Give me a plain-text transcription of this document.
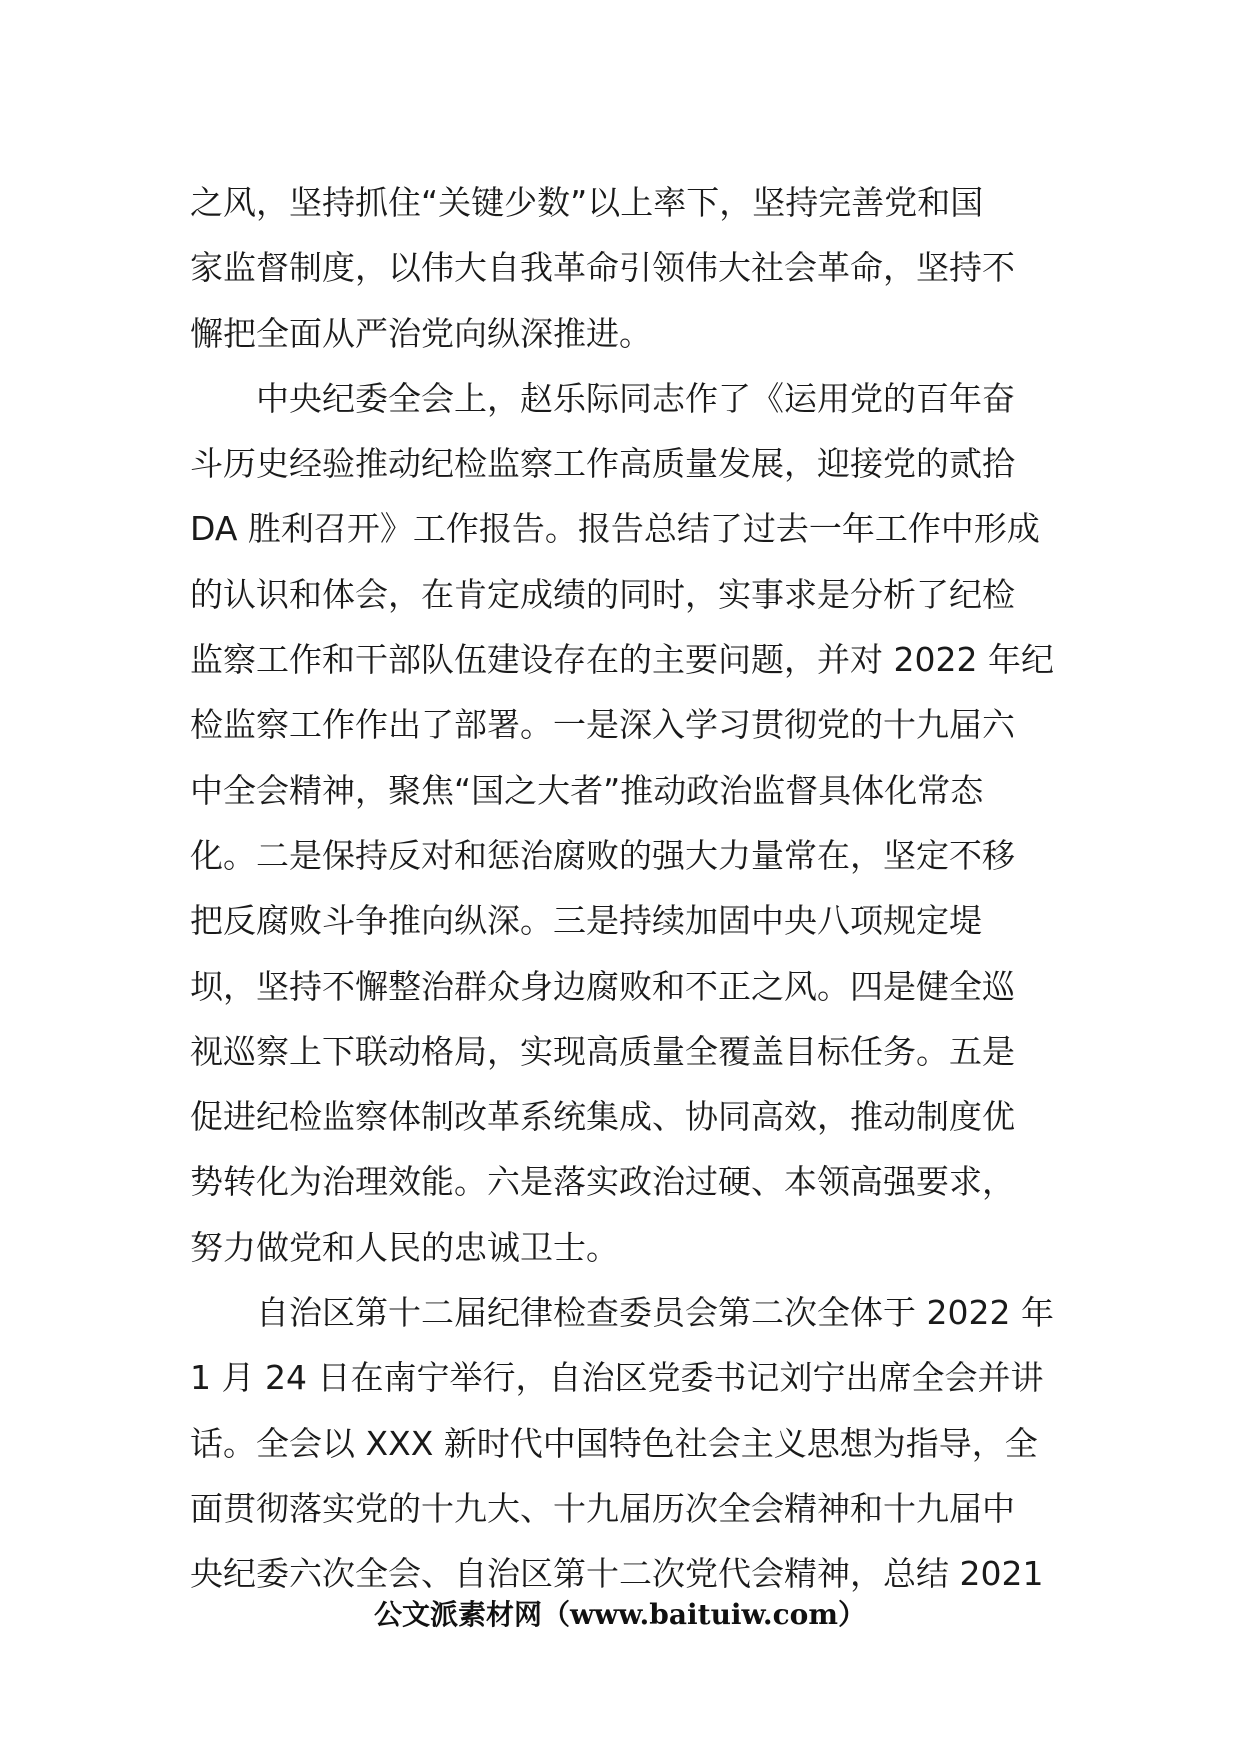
之风，坚持抓住“关键少数”以上率下，坚持完善党和国
家监督制度，以伟大自我革命引领伟大社会革命，坚持不
懈把全面从严治党向纵深推进。
中央纪委全会上，赵乐际同志作了《运用党的百年奋
斗历史经验推动纪检监察工作高质量发展，迎接党的贰拾
DA 胜利召开》工作报告。报告总结了过去一年工作中形成
的认识和体会，在肯定成绩的同时，实事求是分析了纪检
监察工作和干部队伍建设存在的主要问题，并对 2022 年纪
检监察工作作出了部署。一是深入学习贯彻党的十九届六
中全会精神，聚焦“国之大者”推动政治监督具体化常态
化。二是保持反对和惩治腐败的强大力量常在，坚定不移
把反腐败斗争推向纵深。三是持续加固中央八项规定堤
坝，坚持不懈整治群众身边腐败和不正之风。四是健全巡
视巡察上下联动格局，实现高质量全覆盖目标任务。五是
促进纪检监察体制改革系统集成、协同高效，推动制度优
势转化为治理效能。六是落实政治过硬、本领高强要求，
努力做党和人民的忠诚卫士。
自治区第十二届纪律检查委员会第二次全体于 2022 年
1 月 24 日在南宁举行，自治区党委书记刘宁出席全会并讲
话。全会以 XXX 新时代中国特色社会主义思想为指导，全
面贯彻落实党的十九大、十九届历次全会精神和十九届中
央纪委六次全会、自治区第十二次党代会精神，总结 2021
公文派素材网（www.baituiw.com）
